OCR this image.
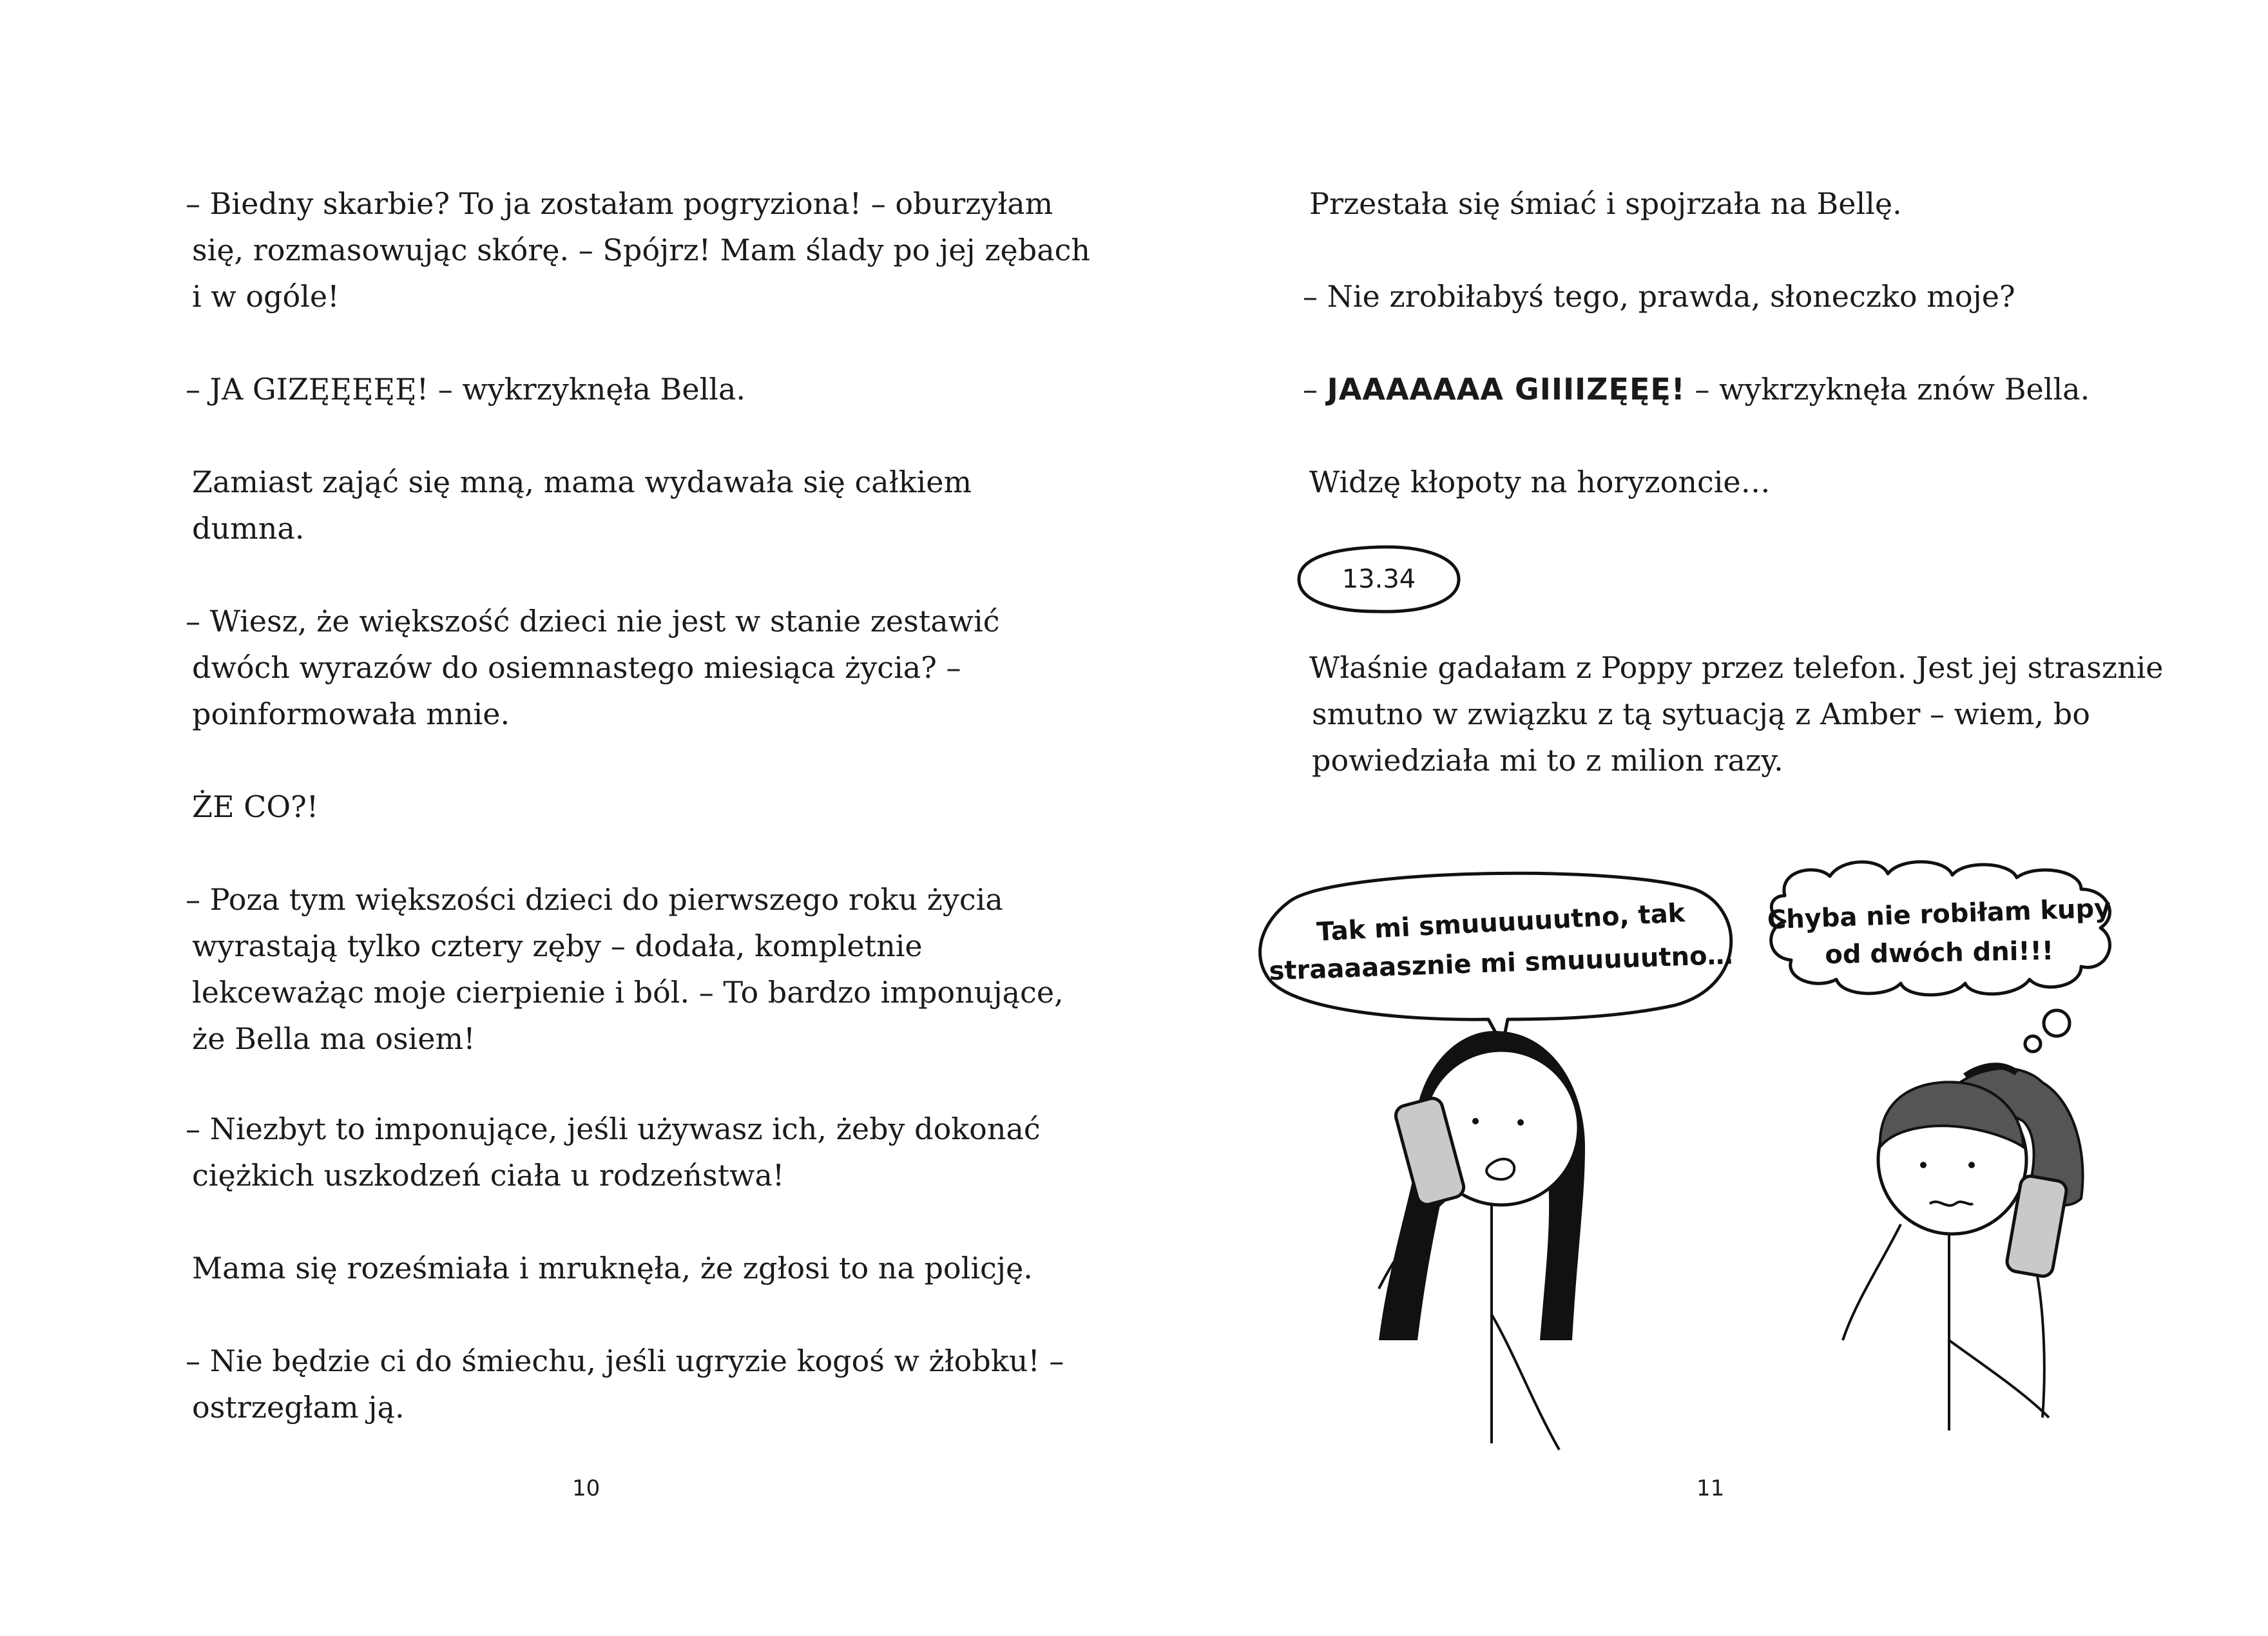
– Biedny skarbie? To ja zostałam pogryziona! – oburzyłam
się, rozmasowując skórę. – Spójrz! Mam ślady po jej zębach
i w ogóle!

– JA GIZĘĘĘĘĘ! – wykrzyknęła Bella.

Zamiast zająć się mną, mama wydawała się całkiem
dumna.

– Wiesz, że większość dzieci nie jest w stanie zestawić
dwóch wyrazów do osiemnastego miesiąca życia? –
poinformowała mnie.

ŻE CO?!

– Poza tym większości dzieci do pierwszego roku życia
wyrastają tylko cztery zęby – dodała, kompletnie
lekceważąc moje cierpienie i ból. – To bardzo imponujące,
że Bella ma osiem!

– Niezbyt to imponujące, jeśli używasz ich, żeby dokonać
ciężkich uszkodzeń ciała u rodzeństwa!

Mama się roześmiała i mruknęła, że zgłosi to na policję.

– Nie będzie ci do śmiechu, jeśli ugryzie kogoś w żłobku! –
ostrzegłam ją.

10

Przestała się śmiać i spojrzała na Bellę.

– Nie zrobiłabyś tego, prawda, słoneczko moje?

– JAAAAAAA GIIIIZĘĘĘ! – wykrzyknęła znów Bella.

Widzę kłopoty na horyzoncie…

11

Właśnie gadałam z Poppy przez telefon. Jest jej strasznie
smutno w związku z tą sytuacją z Amber – wiem, bo
powiedziała mi to z milion razy.

13.34
Tak mi smuuuuuutno, tak
straaaaasznie mi smuuuuutno…
Chyba nie robiłam kupy
od dwóch dni!!!
